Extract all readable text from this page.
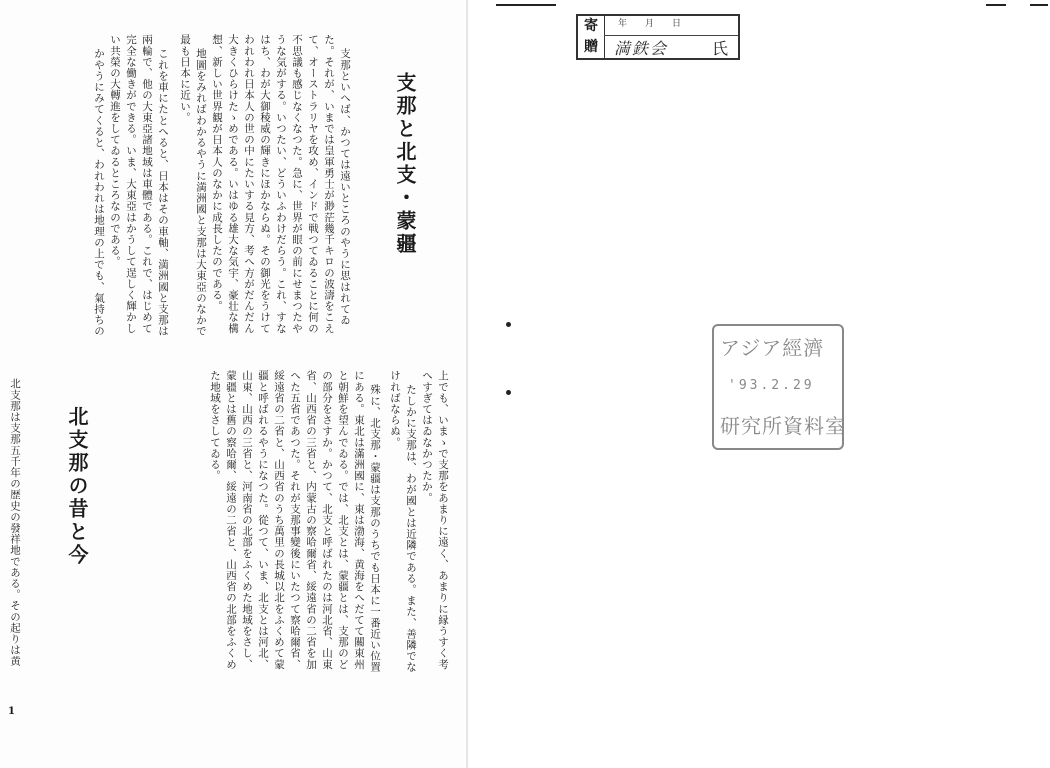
支那といへば、かつては遠いところのやうに思はれてゐ
た。それが、いまでは皇軍勇士が渺茫幾千キロの波濤をこえ
て、オーストラリヤを攻め、インドで戦つてゐることに何の
不思議も感じなくなつた。急に、世界が眼の前にせまつたや
うな気がする。いつたい、どういふわけだらう。これ、すな
はち、わが大御稜威の輝きにほかならぬ。その御光をうけて
われわれ日本人の世の中にたいする見方、考へ方がだんだん
大きくひらけたゝめである。いはゆる雄大な気宇、豪壮な構
想、新しい世界観が日本人のなかに成長したのである。
地圖をみればわかるやうに満洲國と支那は大東亞のなかで
最も日本に近い。
これを車にたとへると、日本はその車軸、満洲國と支那は
兩輪で、他の大東亞諸地域は車體である。これで、はじめて
完全な働きができる。いま、大東亞はかうして逞しく輝かし
い共榮の大轉進をしてゐるところなのである。
かやうにみてくると、われわれは地理の上でも、氣持ちの	支那と北支・蒙疆
上でも、いまゝで支那をあまりに遠く、あまりに縁うすく考
へすぎてはゐなかつたか。
たしかに支那は、わが國とは近隣である。また、善隣でな
ければならぬ。
殊に、北支那・蒙疆は支那のうちでも日本に一番近い位置
にある。東北は滿洲國に、東は渤海、黄海をへだてて關東州
と朝鮮を望んでゐる。では、北支とは、蒙疆とは、支那のど
の部分をさすか。かつて、北支と呼ばれたのは河北省、山東
省、山西省の三省と、内蒙古の察哈爾省、綏遠省の二省を加
へた五省であつた。それが支那事變後にいたつて察哈爾省、
綏遠省の二省と、山西省のうち萬里の長城以北をふくめて蒙
疆と呼ばれるやうになつた。從つて、いま、北支とは河北、
山東、山西の三省と、河南省の北部をふくめた地域をさし、
蒙疆とは舊の察哈爾、綏遠の二省と、山西省の北部をふくめ
た地域をさしてゐる。
北支那の昔と今
北支那は支那五千年の歴史の發祥地である。その起りは黄
1
寄
贈
年月日
満鉄会	氏
アジア經濟
'93.2.29
研究所資料室
